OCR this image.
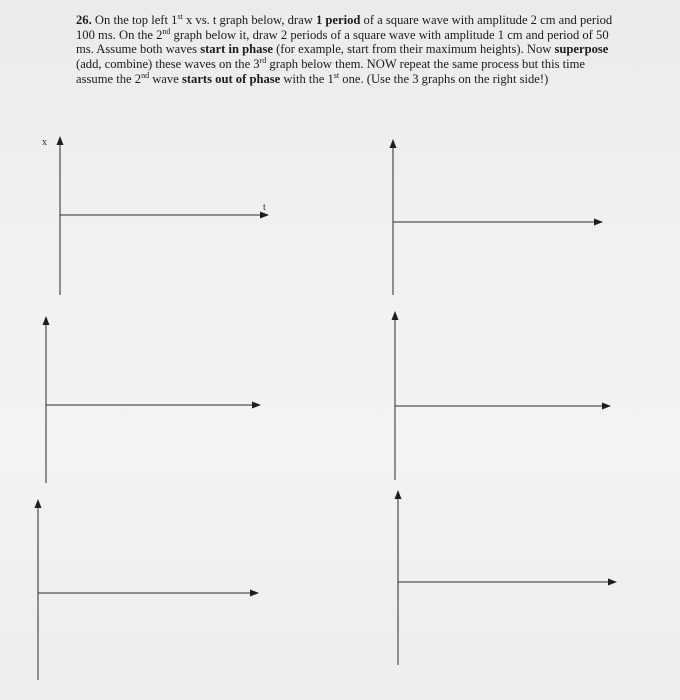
26. On the top left 1st x vs. t graph below, draw 1 period of a square wave with amplitude 2 cm and period 100 ms. On the 2nd graph below it, draw 2 periods of a square wave with amplitude 1 cm and period of 50 ms. Assume both waves start in phase (for example, start from their maximum heights). Now superpose (add, combine) these waves on the 3rd graph below them. NOW repeat the same process but this time assume the 2nd wave starts out of phase with the 1st one. (Use the 3 graphs on the right side!)

x
t
